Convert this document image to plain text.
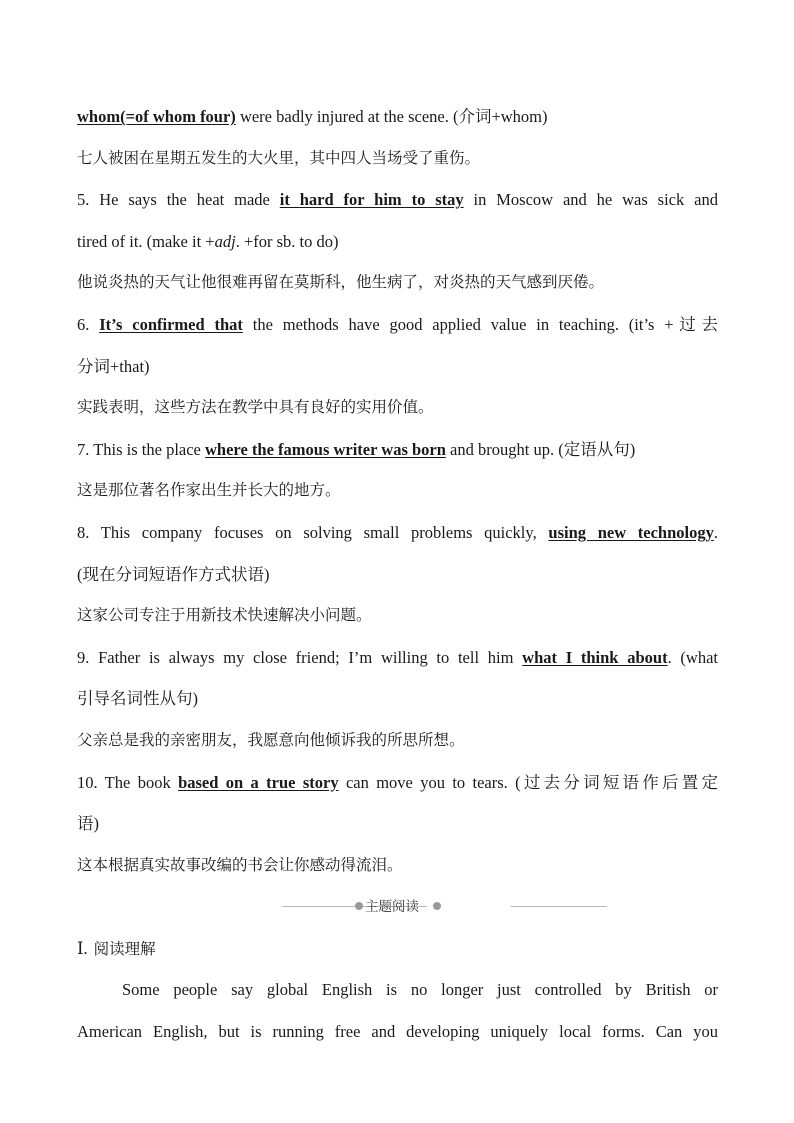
whom(=of whom four) were badly injured at the scene. (介词+whom)
七人被困在星期五发生的大火里，其中四人当场受了重伤。
5. He says the heat made it hard for him to stay in Moscow and he was sick and
tired of it. (make it +adj. +for sb. to do)
他说炎热的天气让他很难再留在莫斯科，他生病了，对炎热的天气感到厌倦。
6. It’s confirmed that the methods have good applied value in teaching. (it’s +过去
分词+that)
实践表明，这些方法在教学中具有良好的实用价值。
7. This is the place where the famous writer was born and brought up. (定语从句)
这是那位著名作家出生并长大的地方。
8. This company focuses on solving small problems quickly, using new technology.
(现在分词短语作方式状语)
这家公司专注于用新技术快速解决小问题。
9. Father is always my close friend; I’m willing to tell him what I think about. (what
引导名词性从句)
父亲总是我的亲密朋友，我愿意向他倾诉我的所思所想。
10. The book based on a true story can move you to tears. (过去分词短语作后置定
语)
这本根据真实故事改编的书会让你感动得流泪。
主题阅读
Ⅰ. 阅读理解
Some people say global English is no longer just controlled by British or
American English, but is running free and developing uniquely local forms. Can you
